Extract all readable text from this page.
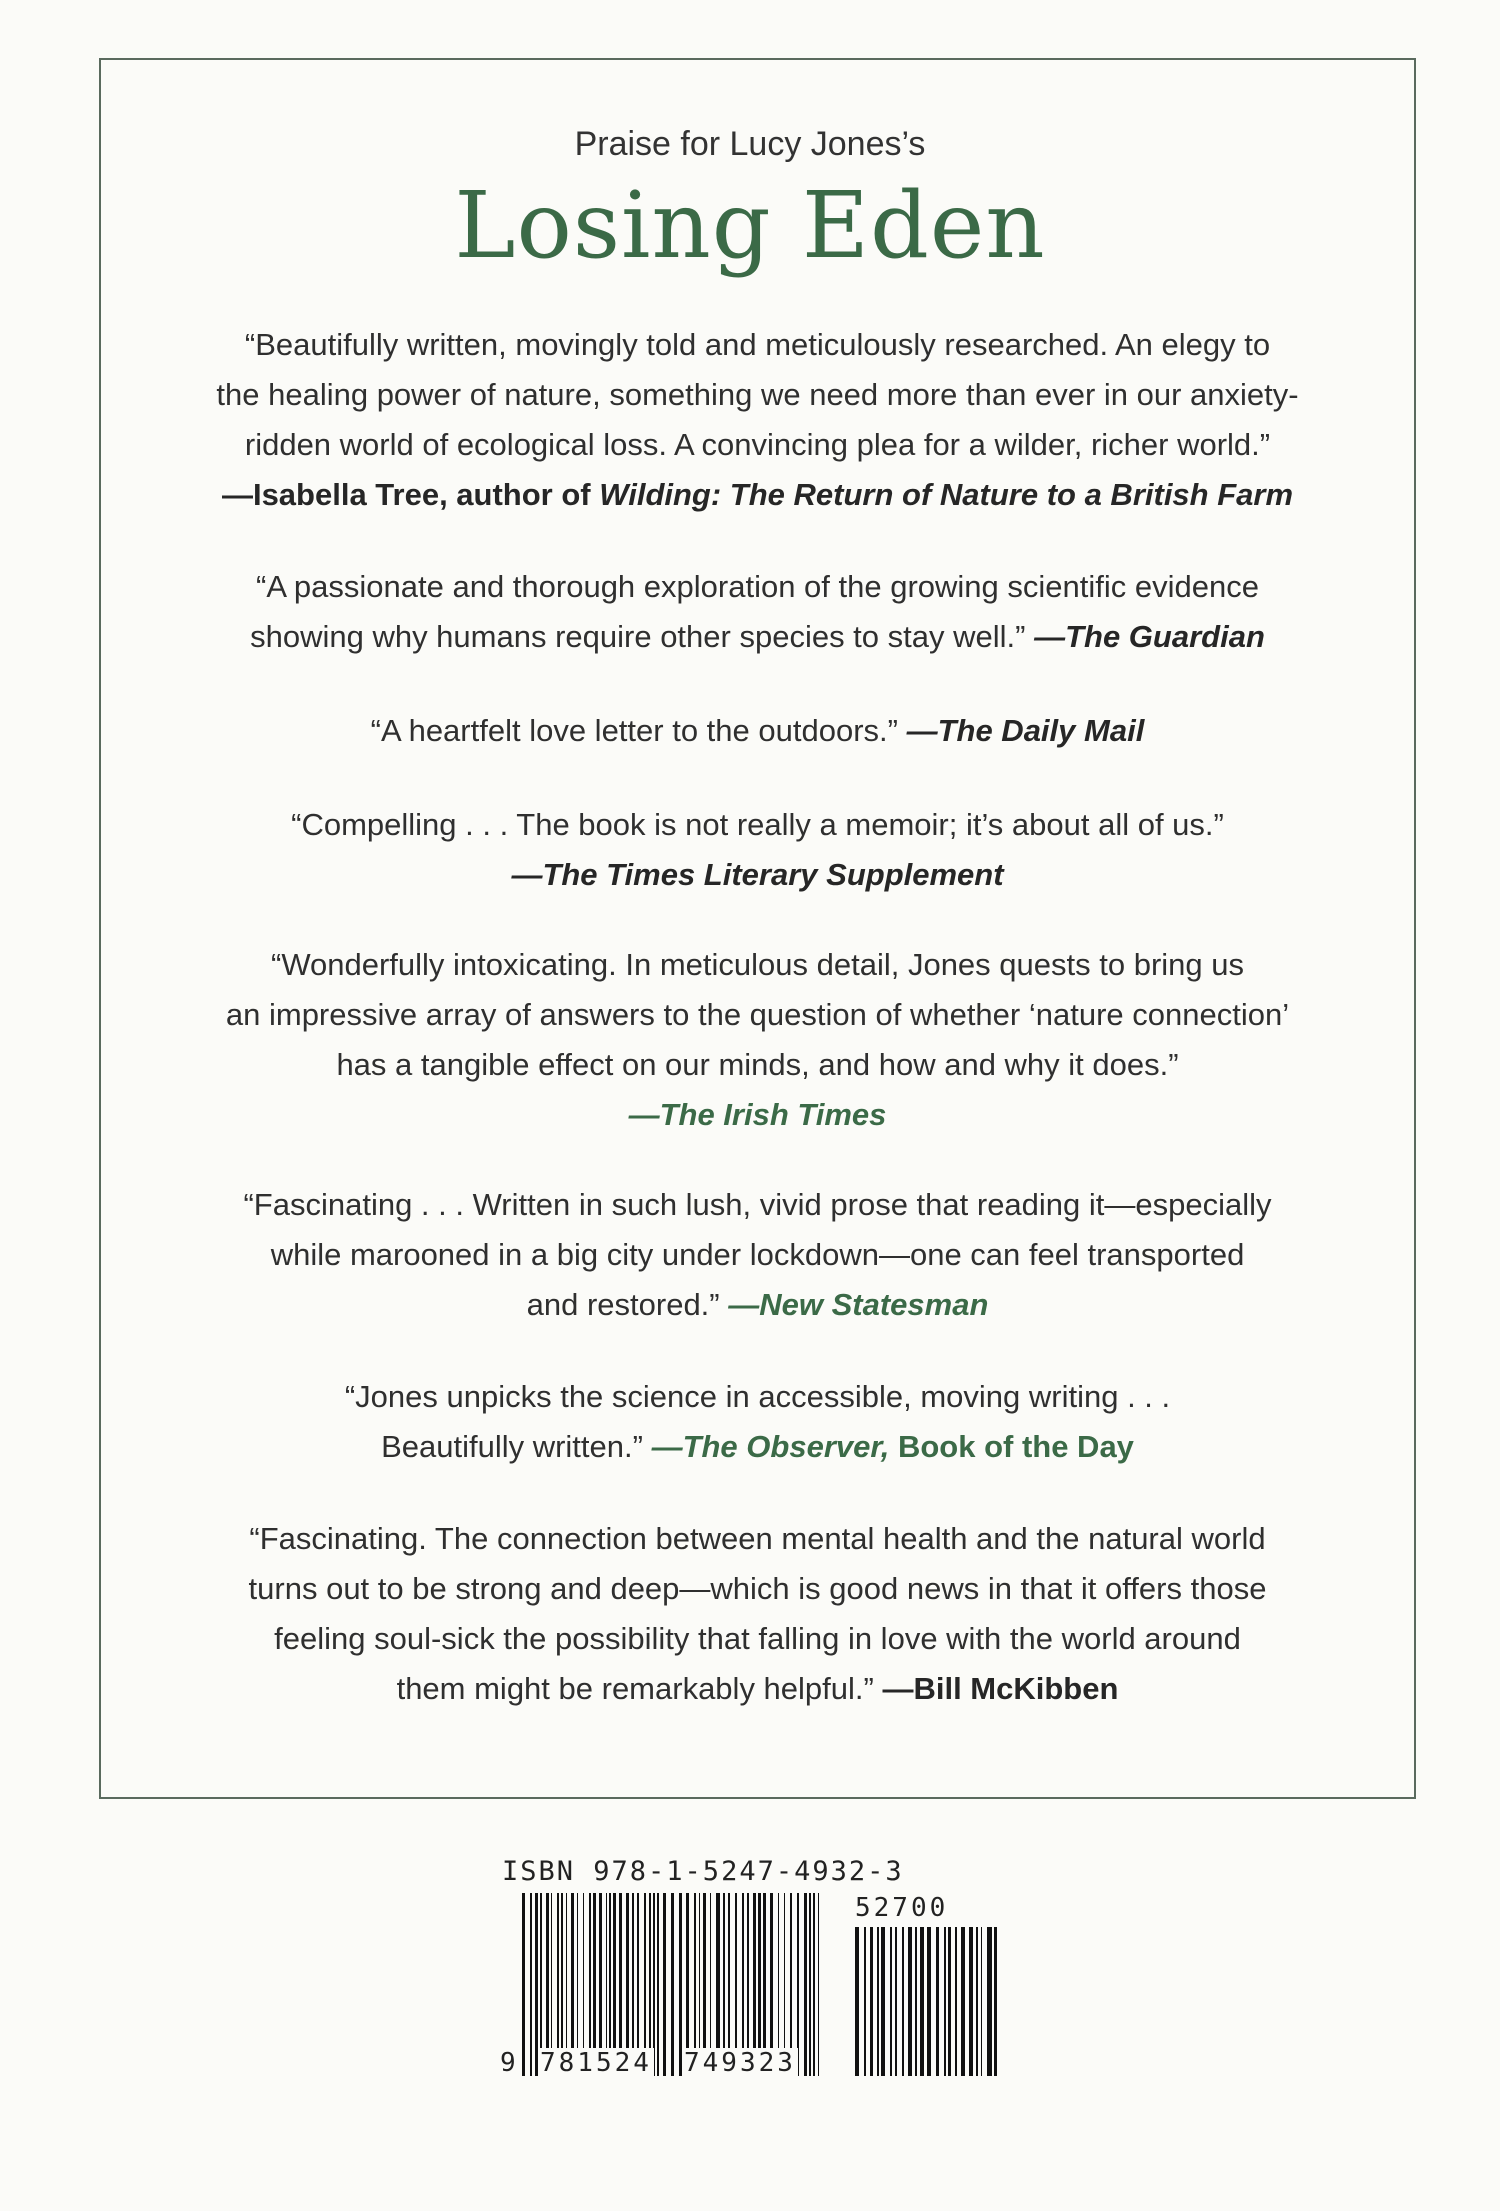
Praise for Lucy Jones’s
Losing Eden

“Beautifully written, movingly told and meticulously researched. An elegy to

the healing power of nature, something we need more than ever in our anxiety-

ridden world of ecological loss. A convincing plea for a wilder, richer world.”

—Isabella Tree, author of Wilding: The Return of Nature to a British Farm

“A passionate and thorough exploration of the growing scientific evidence

showing why humans require other species to stay well.” —The Guardian

“A heartfelt love letter to the outdoors.” —The Daily Mail

“Compelling . . . The book is not really a memoir; it’s about all of us.”

—The Times Literary Supplement

“Wonderfully intoxicating. In meticulous detail, Jones quests to bring us

an impressive array of answers to the question of whether ‘nature connection’

has a tangible effect on our minds, and how and why it does.”

—The Irish Times

“Fascinating . . . Written in such lush, vivid prose that reading it—especially

while marooned in a big city under lockdown—one can feel transported

and restored.” —New Statesman

“Jones unpicks the science in accessible, moving writing . . .

Beautifully written.” —The Observer, Book of the Day

“Fascinating. The connection between mental health and the natural world

turns out to be strong and deep—which is good news in that it offers those

feeling soul-sick the possibility that falling in love with the world around

them might be remarkably helpful.” —Bill McKibben

ISBN 978-1-5247-4932-3
9 781524 749323
52700
